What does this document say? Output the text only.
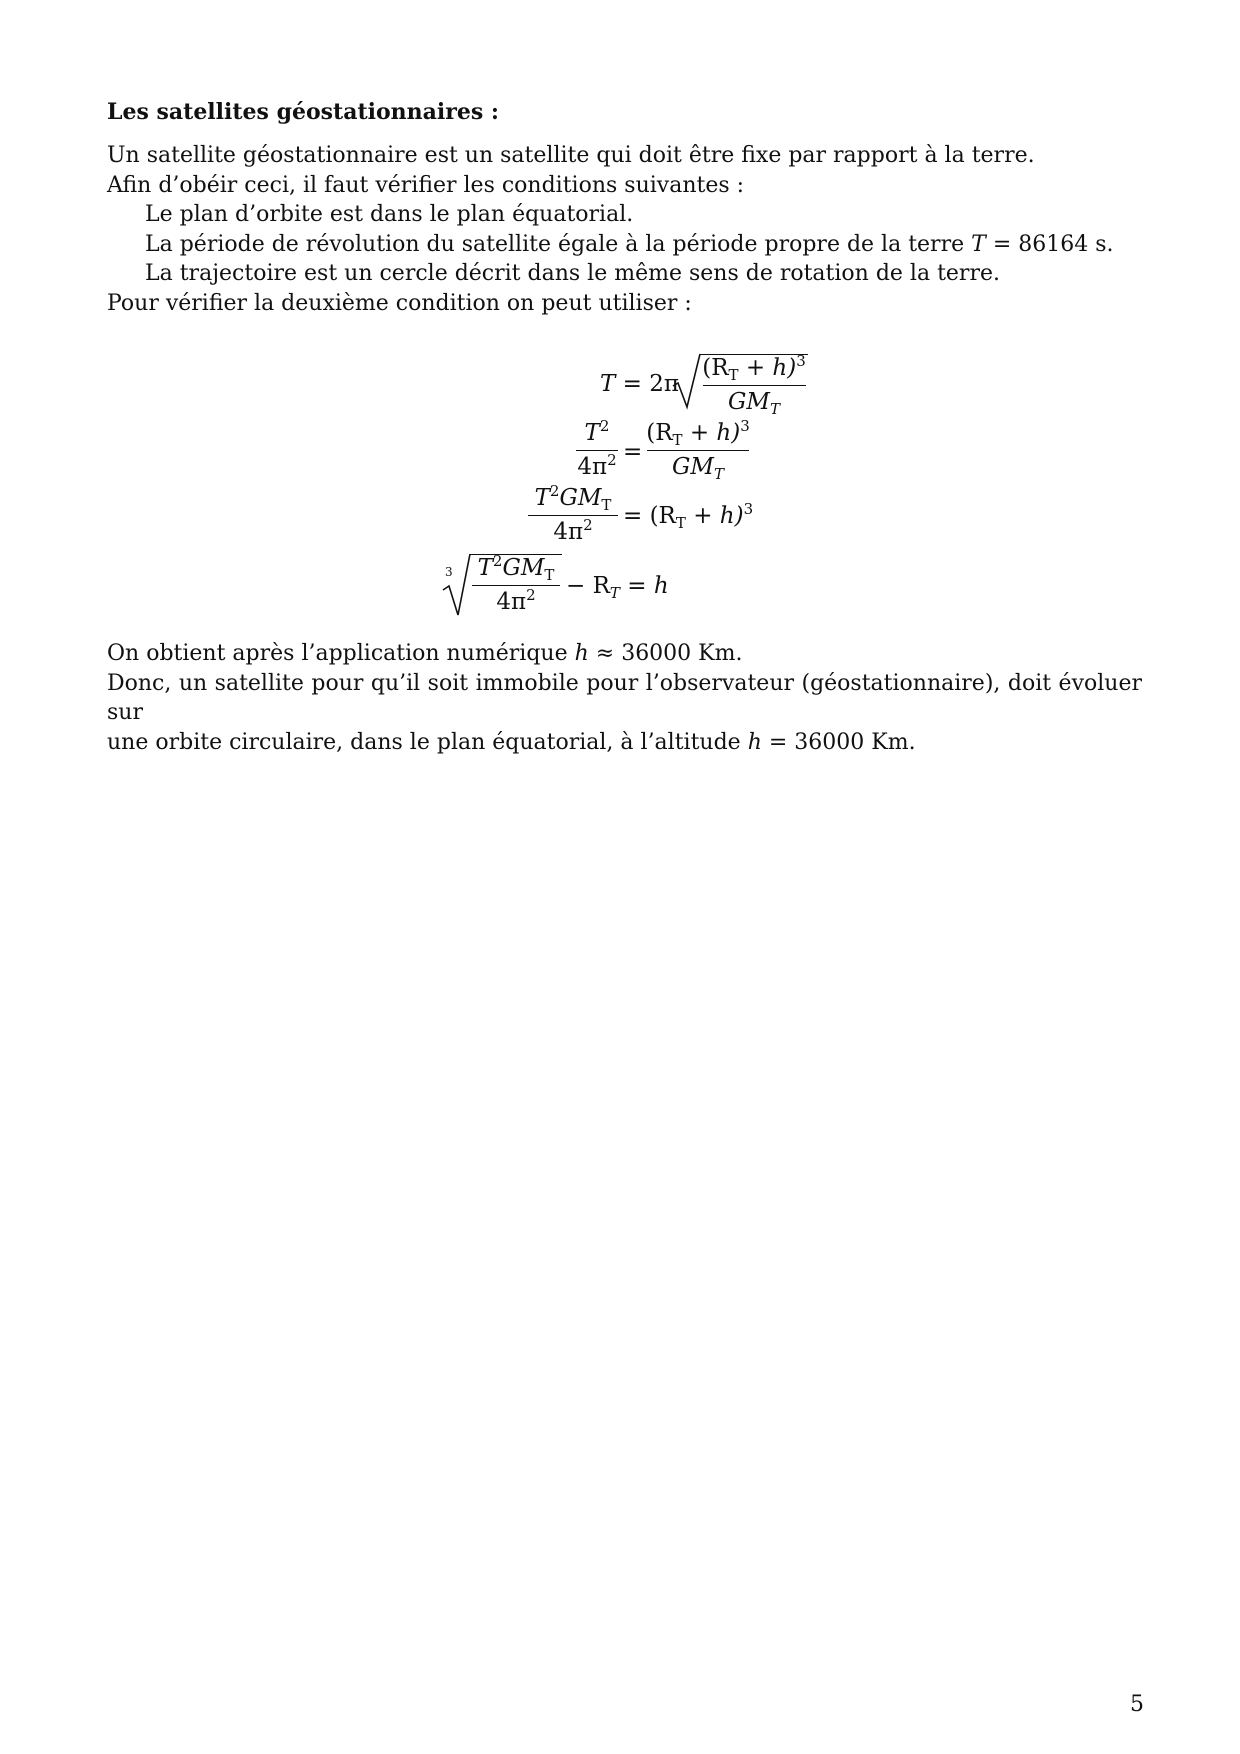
Les satellites géostationnaires :
Un satellite géostationnaire est un satellite qui doit être fixe par rapport à la terre.
Afin d’obéir ceci, il faut vérifier les conditions suivantes :
Le plan d’orbite est dans le plan équatorial.
La période de révolution du satellite égale à la période propre de la terre T = 86164 s.
La trajectoire est un cercle décrit dans le même sens de rotation de la terre.
Pour vérifier la deuxième condition on peut utiliser :
T = 2π
$(R_T + h)^3$
$GM_T$
$T^2$
$4\pi^2$ =
$(R_T + h)^3$
$GM_T$
$T^2GM_T$
$4\pi^2$	= $(R_T + h)^3$
3	$T^2GM_T$
$4\pi^2$	− $R_T = h$
On obtient après l’application numérique h ≈ 36000 Km.
Donc, un satellite pour qu’il soit immobile pour l’observateur (géostationnaire), doit évoluer sur
une orbite circulaire, dans le plan équatorial, à l’altitude h = 36000 Km.
5
